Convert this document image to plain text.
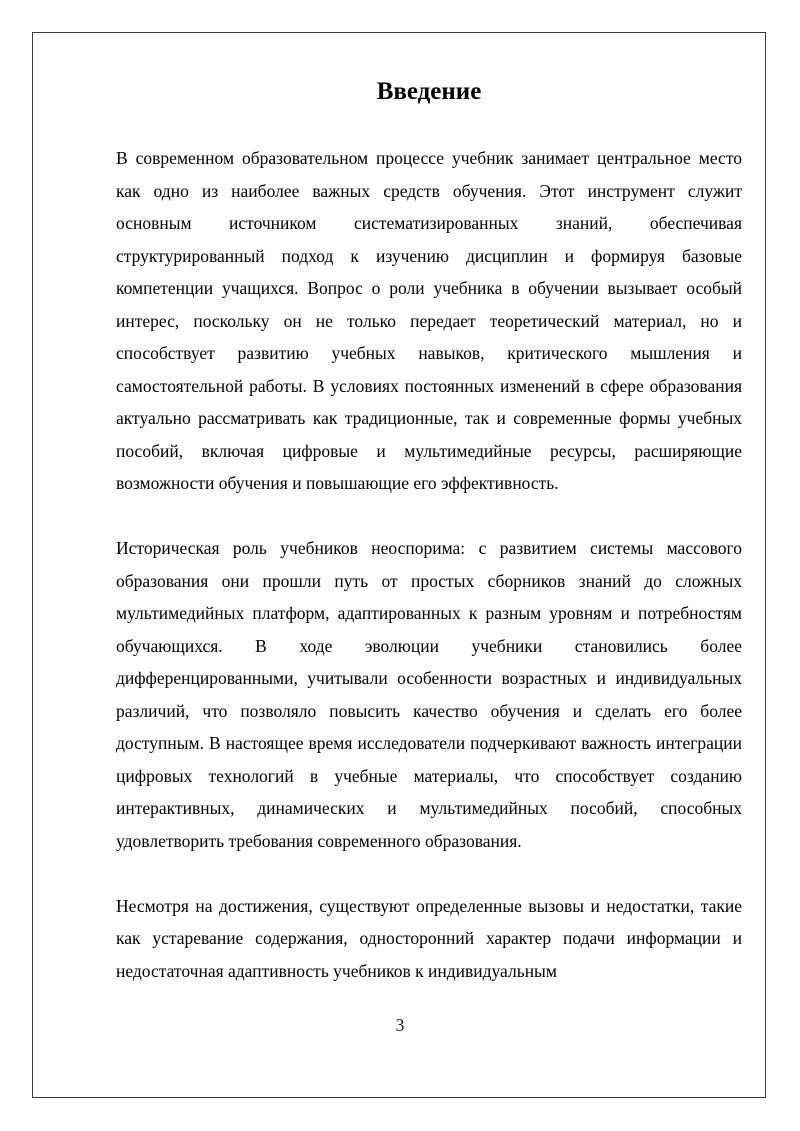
Введение

В современном образовательном процессе учебник занимает центральное место как одно из наиболее важных средств обучения. Этот инструмент служит основным источником систематизированных знаний, обеспечивая структурированный подход к изучению дисциплин и формируя базовые компетенции учащихся. Вопрос о роли учебника в обучении вызывает особый интерес, поскольку он не только передает теоретический материал, но и способствует развитию учебных навыков, критического мышления и самостоятельной работы. В условиях постоянных изменений в сфере образования актуально рассматривать как традиционные, так и современные формы учебных пособий, включая цифровые и мультимедийные ресурсы, расширяющие возможности обучения и повышающие его эффективность.

Историческая роль учебников неоспорима: с развитием системы массового образования они прошли путь от простых сборников знаний до сложных мультимедийных платформ, адаптированных к разным уровням и потребностям обучающихся. В ходе эволюции учебники становились более дифференцированными, учитывали особенности возрастных и индивидуальных различий, что позволяло повысить качество обучения и сделать его более доступным. В настоящее время исследователи подчеркивают важность интеграции цифровых технологий в учебные материалы, что способствует созданию интерактивных, динамических и мультимедийных пособий, способных удовлетворить требования современного образования.

Несмотря на достижения, существуют определенные вызовы и недостатки, такие как устаревание содержания, односторонний характер подачи информации и недостаточная адаптивность учебников к индивидуальным

3
